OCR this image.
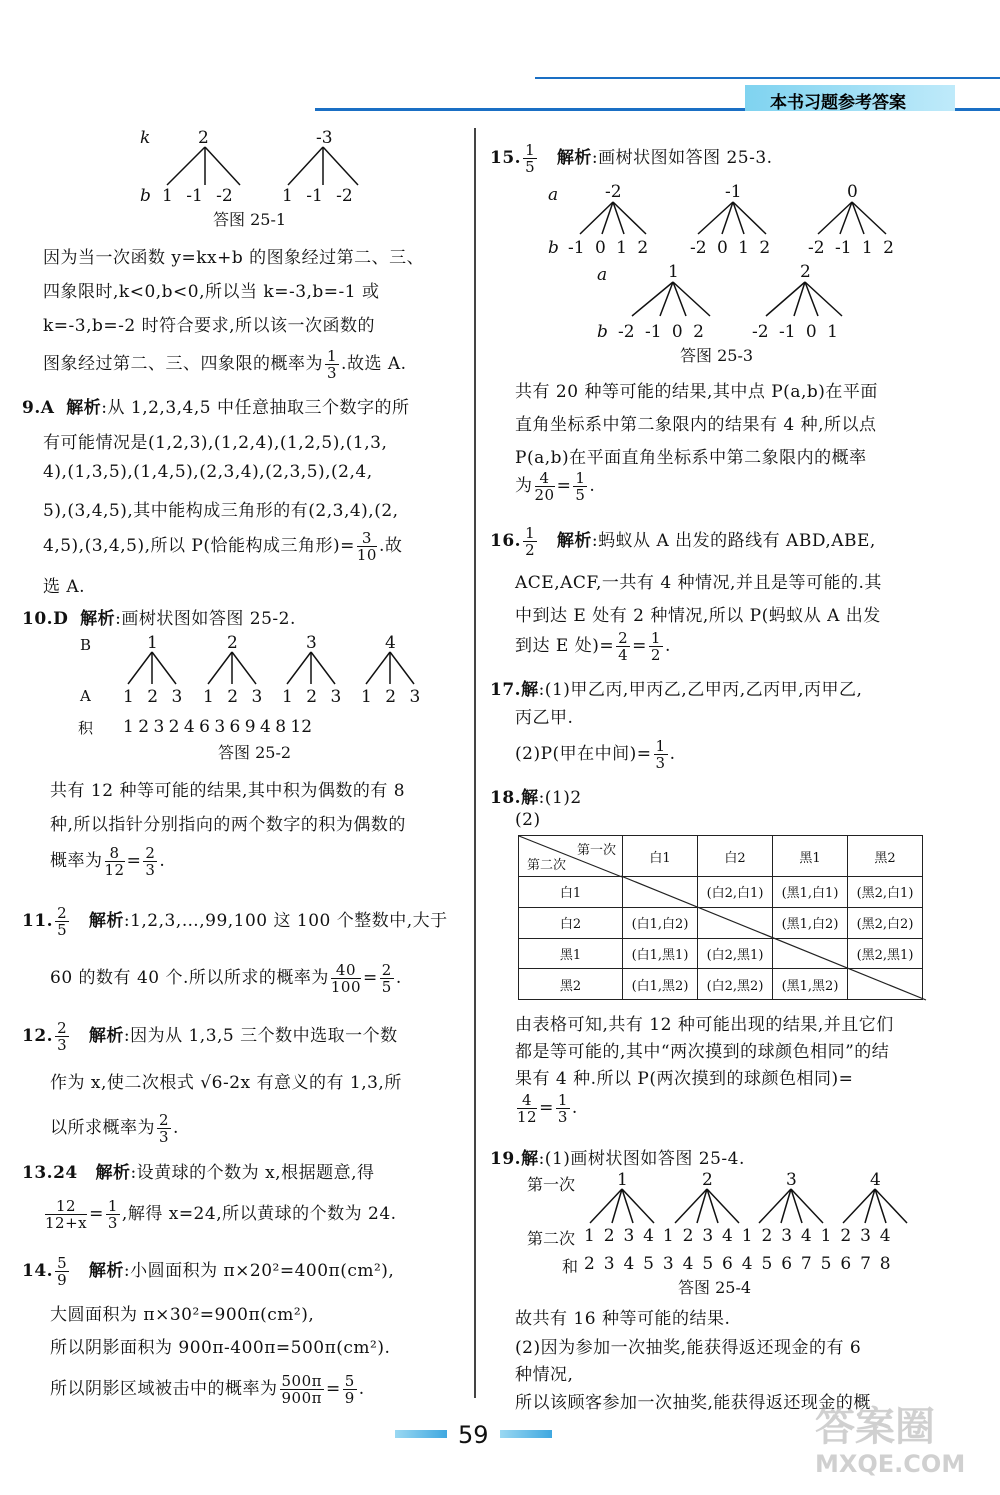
本书习题参考答案
k	2	-3
b 1 -1 -2	1 -1 -2
答图 25-1
因为当一次函数 y=kx+b 的图象经过第二、三、
四象限时,k<0,b<0,所以当 k=-3,b=-1 或
k=-3,b=-2 时符合要求,所以该一次函数的
图象经过第二、三、四象限的概率为 $\frac{1}{3}$ .故选 A.
9.A 解析:从 1,2,3,4,5 中任意抽取三个数字的所
有可能情况是(1,2,3),(1,2,4),(1,2,5),(1,3,
4),(1,3,5),(1,4,5),(2,3,4),(2,3,5),(2,4,
5),(3,4,5),其中能构成三角形的有(2,3,4),(2,
4,5),(3,4,5),所以 P(恰能构成三角形)= $\frac{3}{10}$ .故
选 A.
10.D 解析:画树状图如答图 25-2.
B	1	2	3	4
A 1 2 3 1 2 3 1 2 3 1 2 3
积 1 2 3 2 4 6 3 6 9 4 8 12
答图 25-2
共有 12 种等可能的结果,其中积为偶数的有 8
种,所以指针分别指向的两个数字的积为偶数的
概率为 $\frac{8}{12} = \frac{2}{3}$ .
11. $\frac{2}{5}$ 解析:1,2,3,…,99,100 这 100 个整数中,大于
60 的数有 40 个.所以所求的概率为 $\frac{40}{100} = \frac{2}{5}$ .
12. $\frac{2}{3}$ 解析:因为从 1,3,5 三个数中选取一个数
作为 x,使二次根式 √6-2x 有意义的有 1,3,所
以所求概率为 $\frac{2}{3}$ .
13.24 解析:设黄球的个数为 x,根据题意,得
$\frac{12}{12+x} = \frac{1}{3}$ ,解得 x=24,所以黄球的个数为 24.
14. $\frac{5}{9}$ 解析:小圆面积为 π×20²=400π(cm²),
大圆面积为 π×30²=900π(cm²),
所以阴影面积为 900π-400π=500π(cm²).
所以阴影区域被击中的概率为 $\frac{500\pi}{900\pi} = \frac{5}{9}$ .
15. $\frac{1}{5}$ 解析:画树状图如答图 25-3.
a	-2	-1	0
b -1 0 1 2 -2 0 1 2 -2 -1 1 2
a	1	2
b -2 -1 0 2	-2 -1 0 1
答图 25-3
共有 20 种等可能的结果,其中点 P(a,b)在平面
直角坐标系中第二象限内的结果有 4 种,所以点
P(a,b)在平面直角坐标系中第二象限内的概率
为 $\frac{4}{20} = \frac{1}{5}$ .
16. $\frac{1}{2}$ 解析:蚂蚁从 A 出发的路线有 ABD,ABE,
ACE,ACF,一共有 4 种情况,并且是等可能的.其
中到达 E 处有 2 种情况,所以 P(蚂蚁从 A 出发
到达 E 处)= $\frac{2}{4} = \frac{1}{2}$ .
17.解:(1)甲乙丙,甲丙乙,乙甲丙,乙丙甲,丙甲乙,
丙乙甲.
(2)P(甲在中间)= $\frac{1}{3}$ .
18.解:(1)2
(2)
第一次
第二次	白1	白2	黑1	黑2
白1		(白2,白1)	(黑1,白1)	(黑2,白1)
白2	(白1,白2)		(黑1,白2)	(黑2,白2)
黑1	(白1,黑1)	(白2,黑1)		(黑2,黑1)
黑2	(白1,黑2)	(白2,黑2)	(黑1,黑2)	
由表格可知,共有 12 种可能出现的结果,并且它们
都是等可能的,其中“两次摸到的球颜色相同”的结
果有 4 种.所以 P(两次摸到的球颜色相同)=
$\frac{4}{12} = \frac{1}{3}$ .
19.解:(1)画树状图如答图 25-4.
第一次 1	2	3	4
第二次 1 2 3 4 1 2 3 4 1 2 3 4 1 2 3 4
和 2 3 4 5 3 4 5 6 4 5 6 7 5 6 7 8
答图 25-4
故共有 16 种等可能的结果.
(2)因为参加一次抽奖,能获得返还现金的有 6
种情况,
所以该顾客参加一次抽奖,能获得返还现金的概
59	答案圈
MXQE.COM
